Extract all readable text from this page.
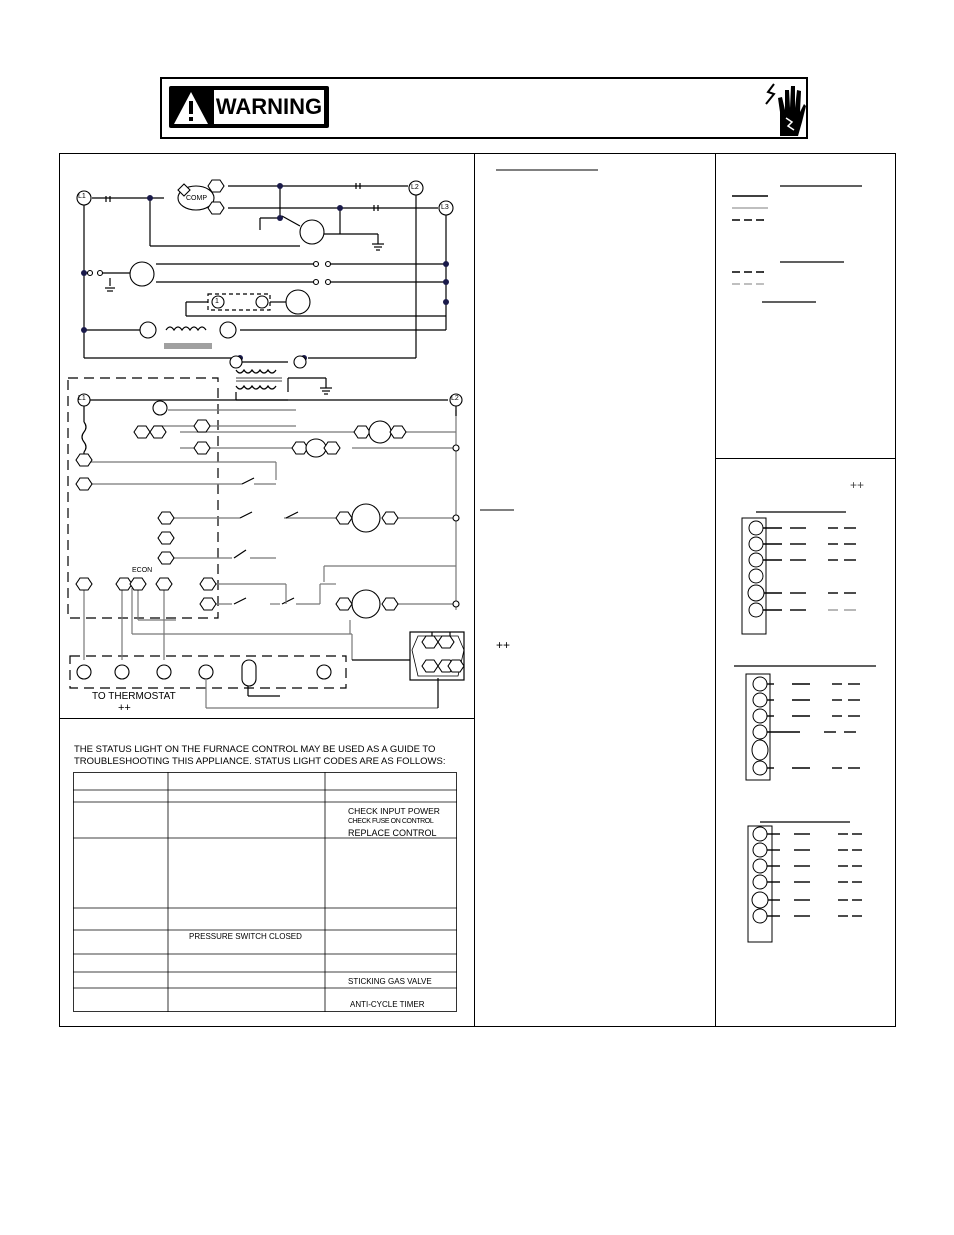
WARNING
L1
L2
L3
COMP
1
L1	L2
ECON
TO THERMOSTAT
++
THE STATUS LIGHT ON THE FURNACE CONTROL MAY BE USED AS A GUIDE TO
TROUBLESHOOTING THIS APPLIANCE. STATUS LIGHT CODES ARE AS FOLLOWS:
CHECK INPUT POWER
CHECK FUSE ON CONTROL
REPLACE CONTROL
PRESSURE SWITCH CLOSED
STICKING GAS VALVE
ANTI-CYCLE TIMER
++
++
